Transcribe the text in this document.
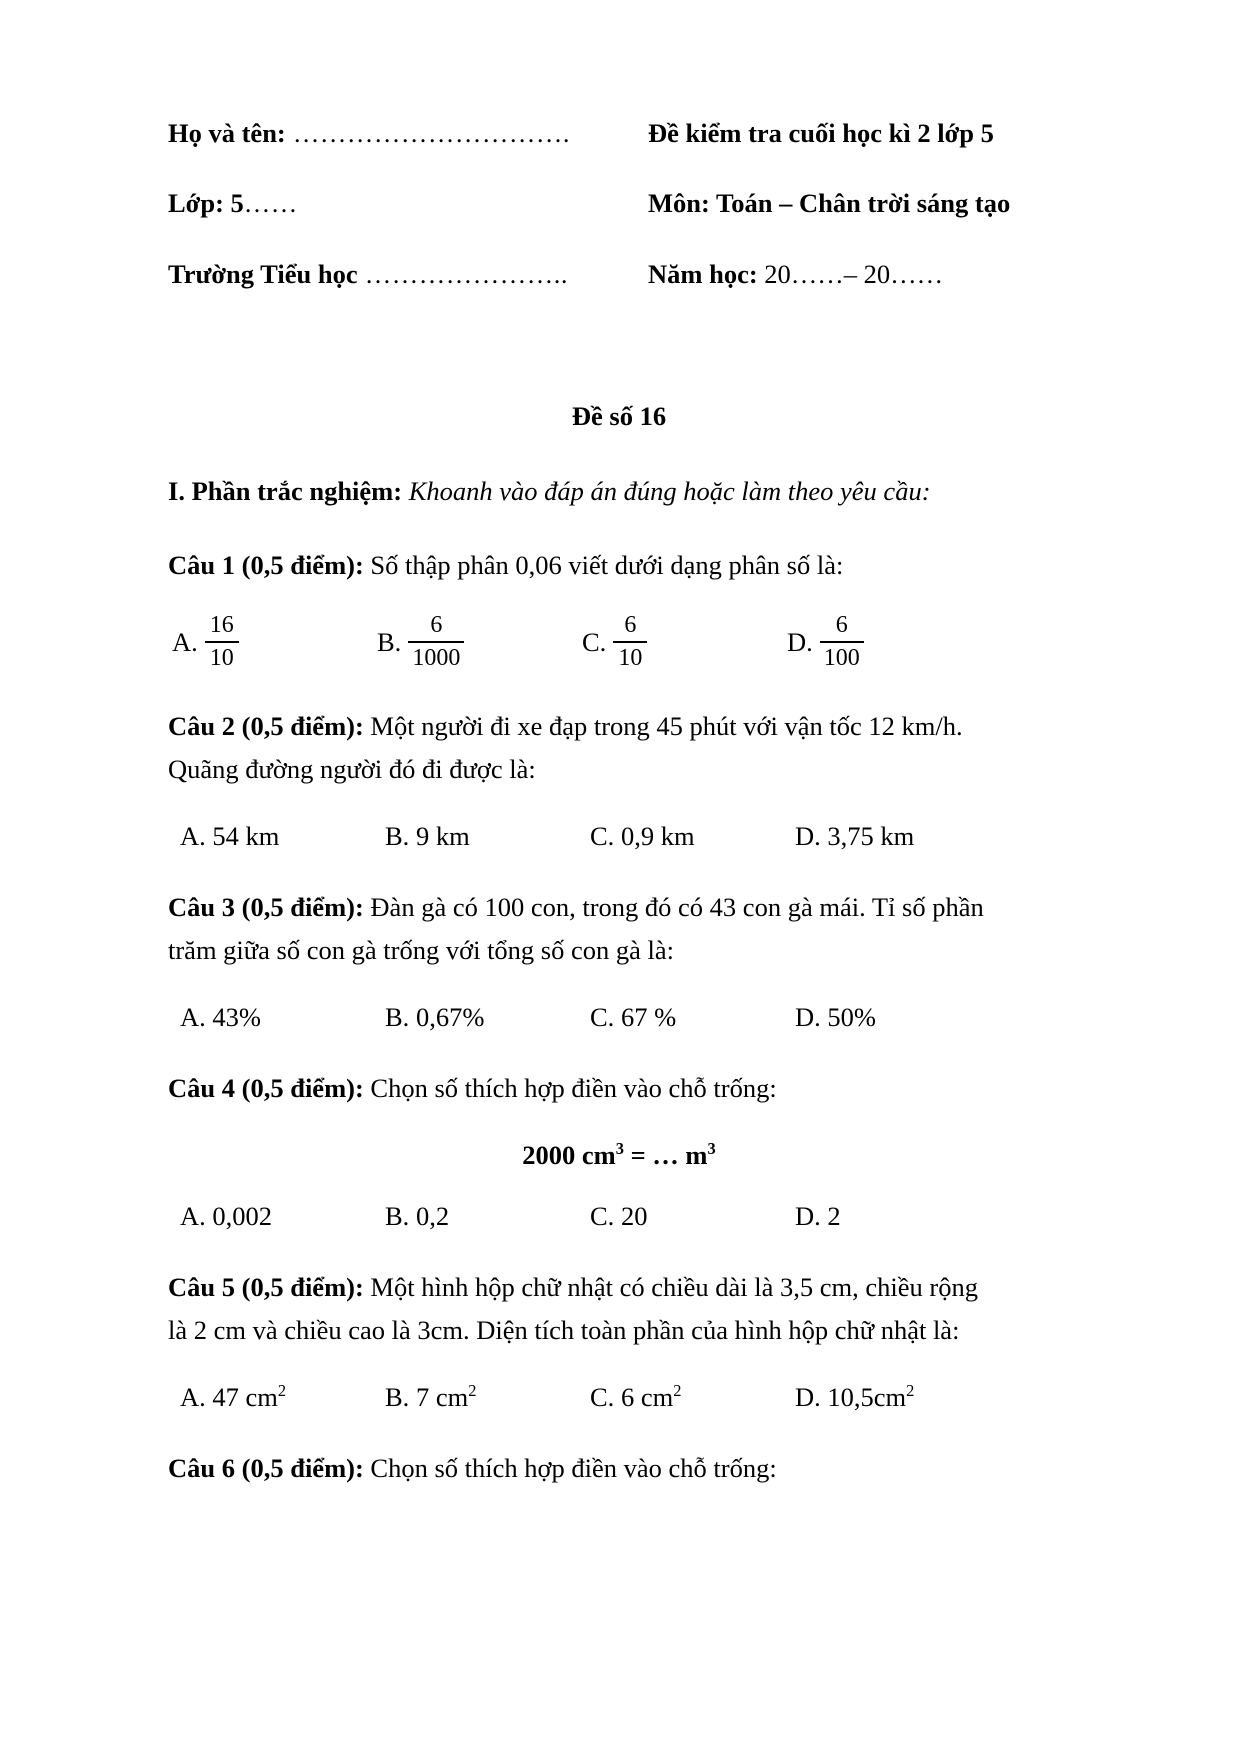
Họ và tên: ………………………….	Đề kiểm tra cuối học kì 2 lớp 5
Lớp: 5……	Môn: Toán – Chân trời sáng tạo
Trường Tiểu học …………………..	Năm học: 20……– 20……
Đề số 16
I. Phần trắc nghiệm: Khoanh vào đáp án đúng hoặc làm theo yêu cầu:
Câu 1 (0,5 điểm): Số thập phân 0,06 viết dưới dạng phân số là:
A. $\frac{16}{10}$	B. $\frac{6}{1000}$	C. $\frac{6}{10}$	D. $\frac{6}{100}$
Câu 2 (0,5 điểm): Một người đi xe đạp trong 45 phút với vận tốc 12 km/h.
Quãng đường người đó đi được là:
A. 54 km	B. 9 km	C. 0,9 km	D. 3,75 km
Câu 3 (0,5 điểm): Đàn gà có 100 con, trong đó có 43 con gà mái. Tỉ số phần
trăm giữa số con gà trống với tổng số con gà là:
A. 43%	B. 0,67%	C. 67 %	D. 50%
Câu 4 (0,5 điểm): Chọn số thích hợp điền vào chỗ trống:
2000 $cm^3$ = … $m^3$
A. 0,002	B. 0,2	C. 20	D. 2
Câu 5 (0,5 điểm): Một hình hộp chữ nhật có chiều dài là 3,5 cm, chiều rộng
là 2 cm và chiều cao là 3cm. Diện tích toàn phần của hình hộp chữ nhật là:
A. 47 $cm^2$	B. 7 $cm^2$	C. 6 $cm^2$	D. $10,5cm^2$
Câu 6 (0,5 điểm): Chọn số thích hợp điền vào chỗ trống:
